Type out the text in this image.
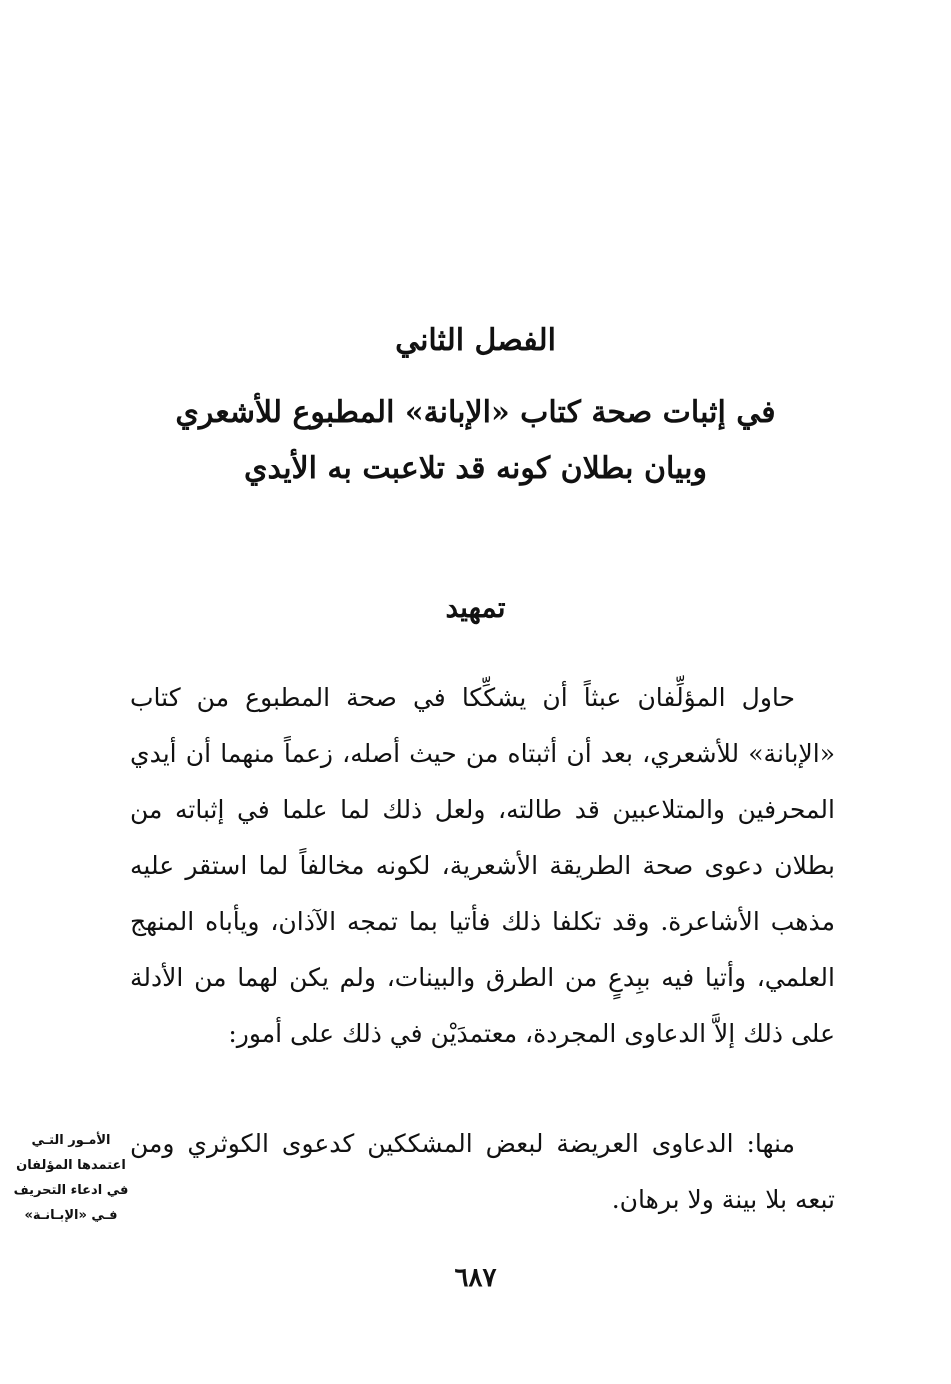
الفصل الثاني
في إثبات صحة كتاب «الإبانة» المطبوع للأشعري
وبيان بطلان كونه قد تلاعبت به الأيدي
تمهيد

حاول المؤلِّفان عبثاً أن يشكِّكا في صحة المطبوع من كتاب «الإبانة» للأشعري، بعد أن أثبتاه من حيث أصله، زعماً منهما أن أيدي المحرفين والمتلاعبين قد طالته، ولعل ذلك لما علما في إثباته من بطلان دعوى صحة الطريقة الأشعرية، لكونه مخالفاً لما استقر عليه مذهب الأشاعرة. وقد تكلفا ذلك فأتيا بما تمجه الآذان، ويأباه المنهج العلمي، وأتيا فيه ببِدعٍ من الطرق والبينات، ولم يكن لهما من الأدلة على ذلك إلاَّ الدعاوى المجردة، معتمدَيْن في ذلك على أمور:

منها: الدعاوى العريضة لبعض المشككين كدعوى الكوثري ومن تبعه بلا بينة ولا برهان.

الأمـور التـي
اعتمدها المؤلفان
في ادعاء التحريف
فـي «الإبـانـة»
٦٨٧
